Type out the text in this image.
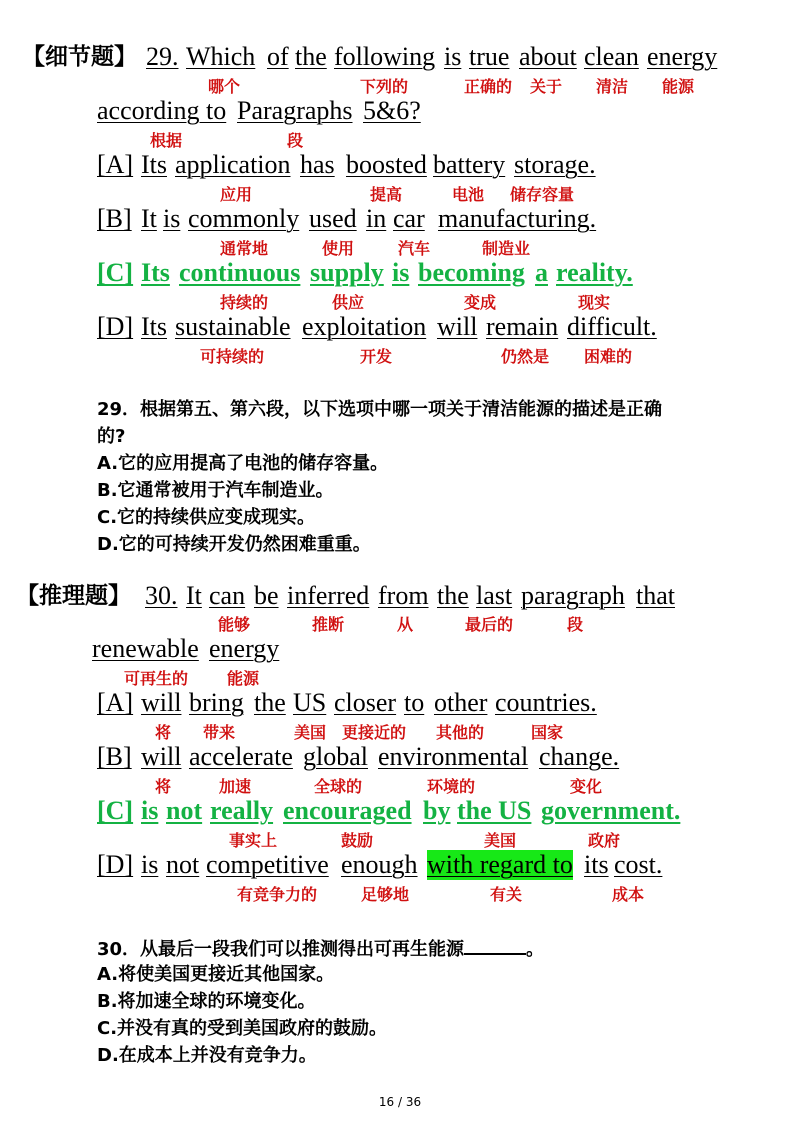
【细节题】 29. Which of the following is true about clean energy
哪个	下列的	正确的 关于 清洁 能源
according to Paragraphs 5&6?
根据	段
[A] Its application has boosted battery storage.
应用	提高	电池 储存容量
[B] It is commonly used in car manufacturing.
通常地	使用	汽车	制造业
[C] Its continuous supply is becoming a reality.
持续的	供应	变成	现实
[D] Its sustainable exploitation will remain difficult.
可持续的	开发	仍然是 困难的
29．根据第五、第六段，以下选项中哪一项关于清洁能源的描述是正确
的?
A.它的应用提高了电池的储存容量。
B.它通常被用于汽车制造业。
C.它的持续供应变成现实。
D.它的可持续开发仍然困难重重。
【推理题】 30. It can be inferred from the last paragraph that
能够	推断	从	最后的	段
renewable energy
可再生的 能源
[A] will bring the US closer to other countries.
将 带来	美国 更接近的 其他的	国家
[B] will accelerate global environmental change.
将	加速	全球的	环境的	变化
[C] is not really encouraged by the US government.
事实上	鼓励	美国	政府
[D] is not competitive enough with regard to its cost.
有竞争力的	足够地	有关	成本
30．从最后一段我们可以推测得出可再生能源	。
A.将使美国更接近其他国家。
B.将加速全球的环境变化。
C.并没有真的受到美国政府的鼓励。
D.在成本上并没有竞争力。
16 / 36
